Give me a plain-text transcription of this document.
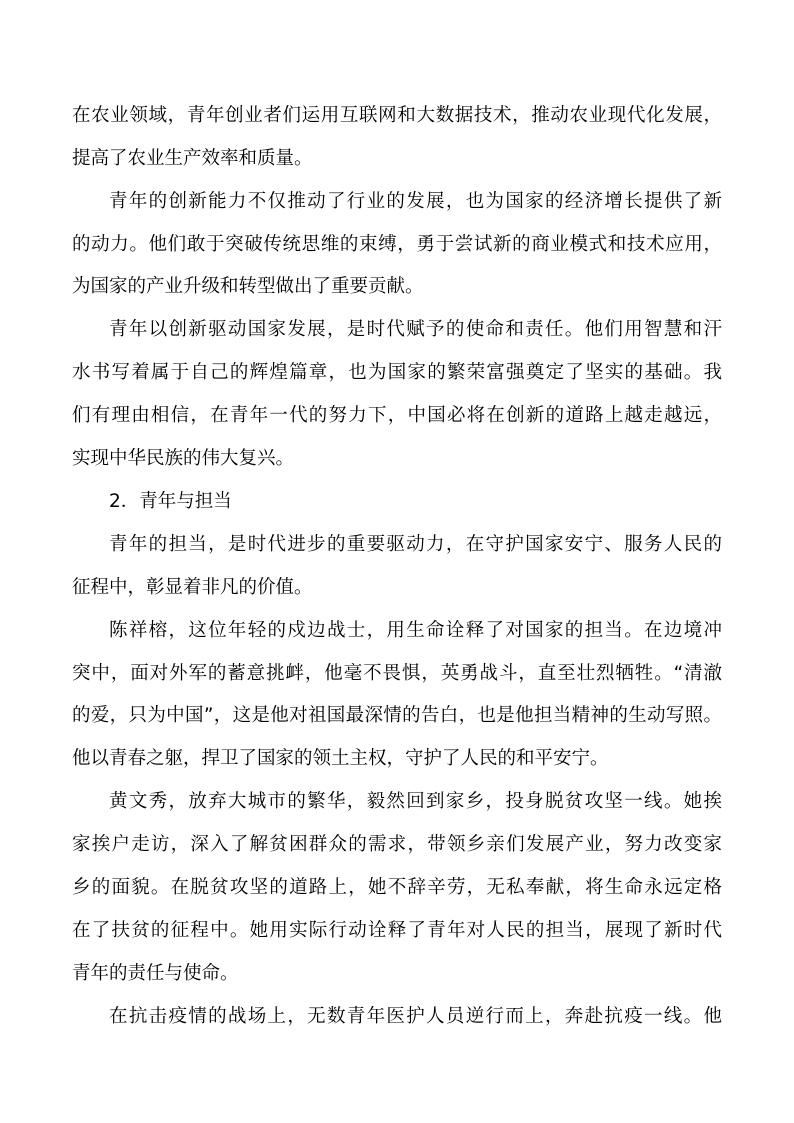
在农业领域，青年创业者们运用互联网和大数据技术，推动农业现代化发展，

提高了农业生产效率和质量。

青年的创新能力不仅推动了行业的发展，也为国家的经济增长提供了新

的动力。他们敢于突破传统思维的束缚，勇于尝试新的商业模式和技术应用，

为国家的产业升级和转型做出了重要贡献。

青年以创新驱动国家发展，是时代赋予的使命和责任。他们用智慧和汗

水书写着属于自己的辉煌篇章，也为国家的繁荣富强奠定了坚实的基础。我

们有理由相信，在青年一代的努力下，中国必将在创新的道路上越走越远，

实现中华民族的伟大复兴。

2．青年与担当

青年的担当，是时代进步的重要驱动力，在守护国家安宁、服务人民的

征程中，彰显着非凡的价值。

陈祥榕，这位年轻的戍边战士，用生命诠释了对国家的担当。在边境冲

突中，面对外军的蓄意挑衅，他毫不畏惧，英勇战斗，直至壮烈牺牲。“清澈

的爱，只为中国”，这是他对祖国最深情的告白，也是他担当精神的生动写照。

他以青春之躯，捍卫了国家的领土主权，守护了人民的和平安宁。

黄文秀，放弃大城市的繁华，毅然回到家乡，投身脱贫攻坚一线。她挨

家挨户走访，深入了解贫困群众的需求，带领乡亲们发展产业，努力改变家

乡的面貌。在脱贫攻坚的道路上，她不辞辛劳，无私奉献，将生命永远定格

在了扶贫的征程中。她用实际行动诠释了青年对人民的担当，展现了新时代

青年的责任与使命。

在抗击疫情的战场上，无数青年医护人员逆行而上，奔赴抗疫一线。他
